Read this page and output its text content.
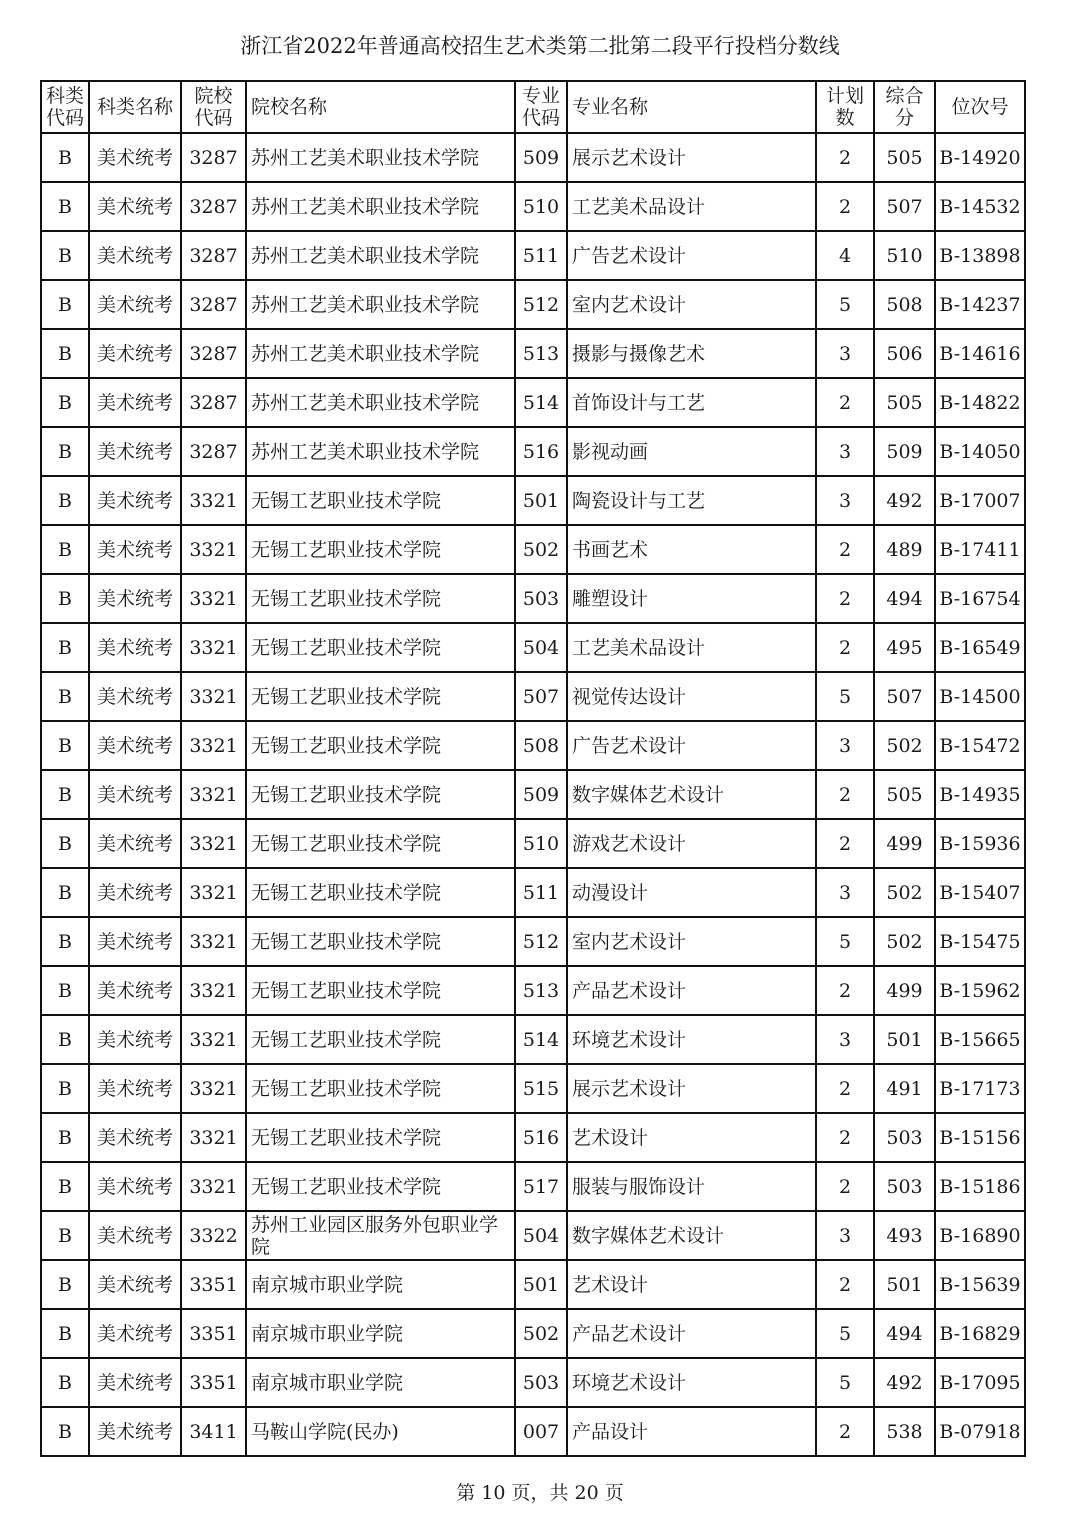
浙江省2022年普通高校招生艺术类第二批第二段平行投档分数线
科类代码	科类名称	院校代码	院校名称	专业代码	专业名称	计划数	综合分	位次号
B	美术统考	3287	苏州工艺美术职业技术学院	509	展示艺术设计	2	505	B-14920
B	美术统考	3287	苏州工艺美术职业技术学院	510	工艺美术品设计	2	507	B-14532
B	美术统考	3287	苏州工艺美术职业技术学院	511	广告艺术设计	4	510	B-13898
B	美术统考	3287	苏州工艺美术职业技术学院	512	室内艺术设计	5	508	B-14237
B	美术统考	3287	苏州工艺美术职业技术学院	513	摄影与摄像艺术	3	506	B-14616
B	美术统考	3287	苏州工艺美术职业技术学院	514	首饰设计与工艺	2	505	B-14822
B	美术统考	3287	苏州工艺美术职业技术学院	516	影视动画	3	509	B-14050
B	美术统考	3321	无锡工艺职业技术学院	501	陶瓷设计与工艺	3	492	B-17007
B	美术统考	3321	无锡工艺职业技术学院	502	书画艺术	2	489	B-17411
B	美术统考	3321	无锡工艺职业技术学院	503	雕塑设计	2	494	B-16754
B	美术统考	3321	无锡工艺职业技术学院	504	工艺美术品设计	2	495	B-16549
B	美术统考	3321	无锡工艺职业技术学院	507	视觉传达设计	5	507	B-14500
B	美术统考	3321	无锡工艺职业技术学院	508	广告艺术设计	3	502	B-15472
B	美术统考	3321	无锡工艺职业技术学院	509	数字媒体艺术设计	2	505	B-14935
B	美术统考	3321	无锡工艺职业技术学院	510	游戏艺术设计	2	499	B-15936
B	美术统考	3321	无锡工艺职业技术学院	511	动漫设计	3	502	B-15407
B	美术统考	3321	无锡工艺职业技术学院	512	室内艺术设计	5	502	B-15475
B	美术统考	3321	无锡工艺职业技术学院	513	产品艺术设计	2	499	B-15962
B	美术统考	3321	无锡工艺职业技术学院	514	环境艺术设计	3	501	B-15665
B	美术统考	3321	无锡工艺职业技术学院	515	展示艺术设计	2	491	B-17173
B	美术统考	3321	无锡工艺职业技术学院	516	艺术设计	2	503	B-15156
B	美术统考	3321	无锡工艺职业技术学院	517	服装与服饰设计	2	503	B-15186
B	美术统考	3322	苏州工业园区服务外包职业学院	504	数字媒体艺术设计	3	493	B-16890
B	美术统考	3351	南京城市职业学院	501	艺术设计	2	501	B-15639
B	美术统考	3351	南京城市职业学院	502	产品艺术设计	5	494	B-16829
B	美术统考	3351	南京城市职业学院	503	环境艺术设计	5	492	B-17095
B	美术统考	3411	马鞍山学院(民办)	007	产品设计	2	538	B-07918
第 10 页，共 20 页
